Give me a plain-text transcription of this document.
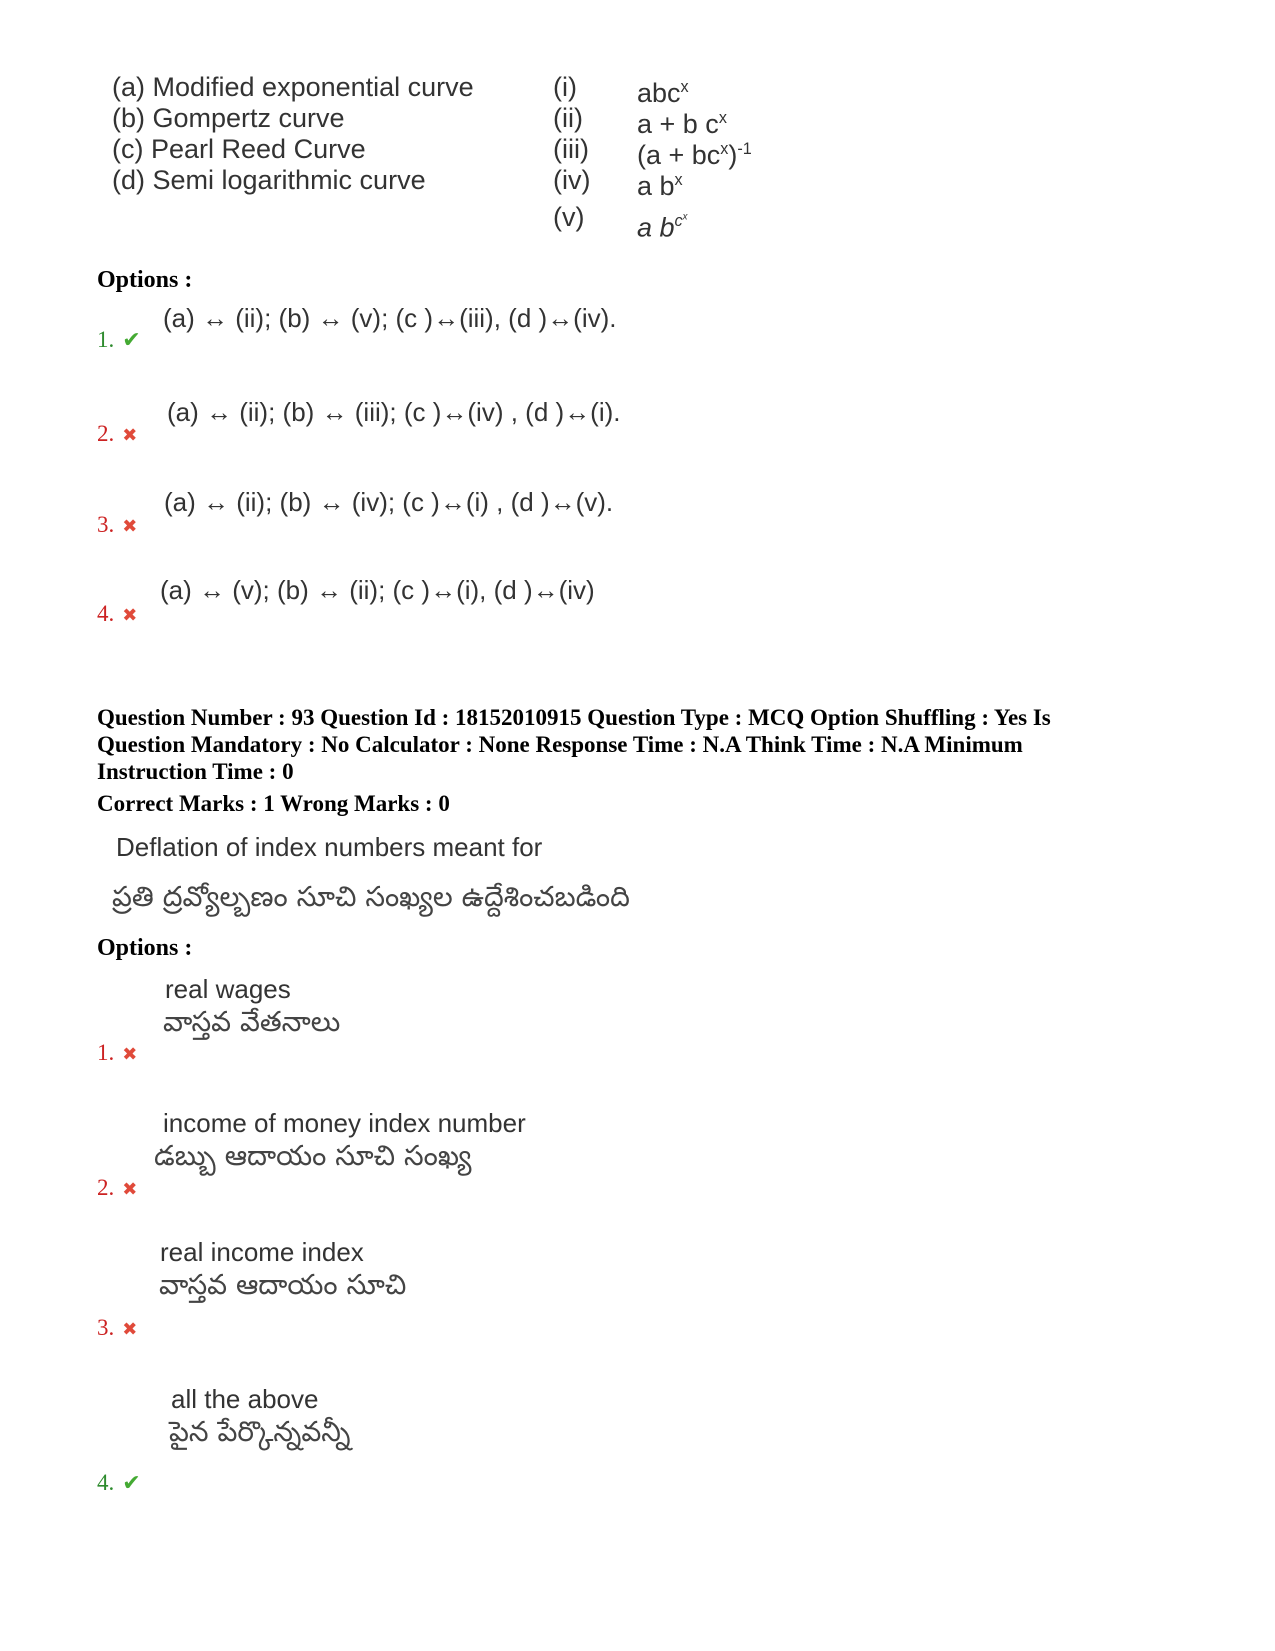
(a) Modified exponential curve
(b) Gompertz curve
(c) Pearl Reed Curve
(d) Semi logarithmic curve
(i)
(ii)
(iii)
(iv)
(v)
abc$^x$
a + b $c^x$
$(a + bc^x)^{-1}$
a $b^x$
a $b^{c^x}$
Options :
(a) ↔ (ii); (b) ↔ (v); (c )↔(iii), (d )↔(iv).
1. ✔
(a) ↔ (ii); (b) ↔ (iii); (c )↔(iv) , (d )↔(i).
2. ✖
(a) ↔ (ii); (b) ↔ (iv); (c )↔(i) , (d )↔(v).
3. ✖
(a) ↔ (v); (b) ↔ (ii); (c )↔(i), (d )↔(iv)
4. ✖
Question Number : 93 Question Id : 18152010915 Question Type : MCQ Option Shuffling : Yes Is
Question Mandatory : No Calculator : None Response Time : N.A Think Time : N.A Minimum
Instruction Time : 0
Correct Marks : 1 Wrong Marks : 0
Deflation of index numbers meant for
ప్రతి ద్రవ్యోల్బణం సూచి సంఖ్యల ఉద్దేశించబడింది
Options :
real wages
వాస్తవ వేతనాలు
1. ✖
income of money index number
డబ్బు ఆదాయం సూచి సంఖ్య
2. ✖
real income index
వాస్తవ ఆదాయం సూచి
3. ✖
all the above
పైన పేర్కొన్నవన్నీ
4. ✔
